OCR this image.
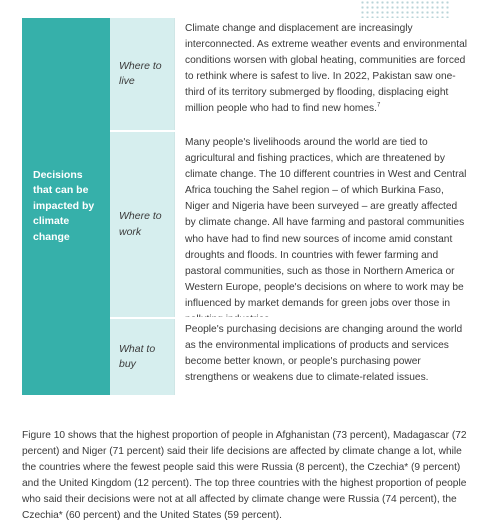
Decisions that can be impacted by climate change
Where to live
Climate change and displacement are increasingly interconnected. As extreme weather events and environmental conditions worsen with global heating, communities are forced to rethink where is safest to live. In 2022, Pakistan saw one-third of its territory submerged by flooding, displacing eight million people who had to find new homes.$^7$
Where to work
Many people's livelihoods around the world are tied to agricultural and fishing practices, which are threatened by climate change. The 10 different countries in West and Central Africa touching the Sahel region – of which Burkina Faso, Niger and Nigeria have been surveyed – are greatly affected by climate change. All have farming and pastoral communities who have had to find new sources of income amid constant droughts and floods. In countries with fewer farming and pastoral communities, such as those in Northern America or Western Europe, people's decisions on where to work may be influenced by market demands for green jobs over those in
What to buy
People's purchasing decisions are changing around the world as the environmental implications of products and services become better known, or people's purchasing power strengthens or weakens due to climate-related issues.
Figure 10 shows that the highest proportion of people in Afghanistan (73 percent), Madagascar (72 percent) and Niger (71 percent) said their life decisions are affected by climate change a lot, while the countries where the fewest people said this were Russia (8 percent), the Czechia* (9 percent) and the United Kingdom (12 percent). The top three countries with the highest proportion of people who said their decisions were not at all affected by climate change were Russia (74 percent), the Czechia* (60 percent) and the United States (59 percent).
